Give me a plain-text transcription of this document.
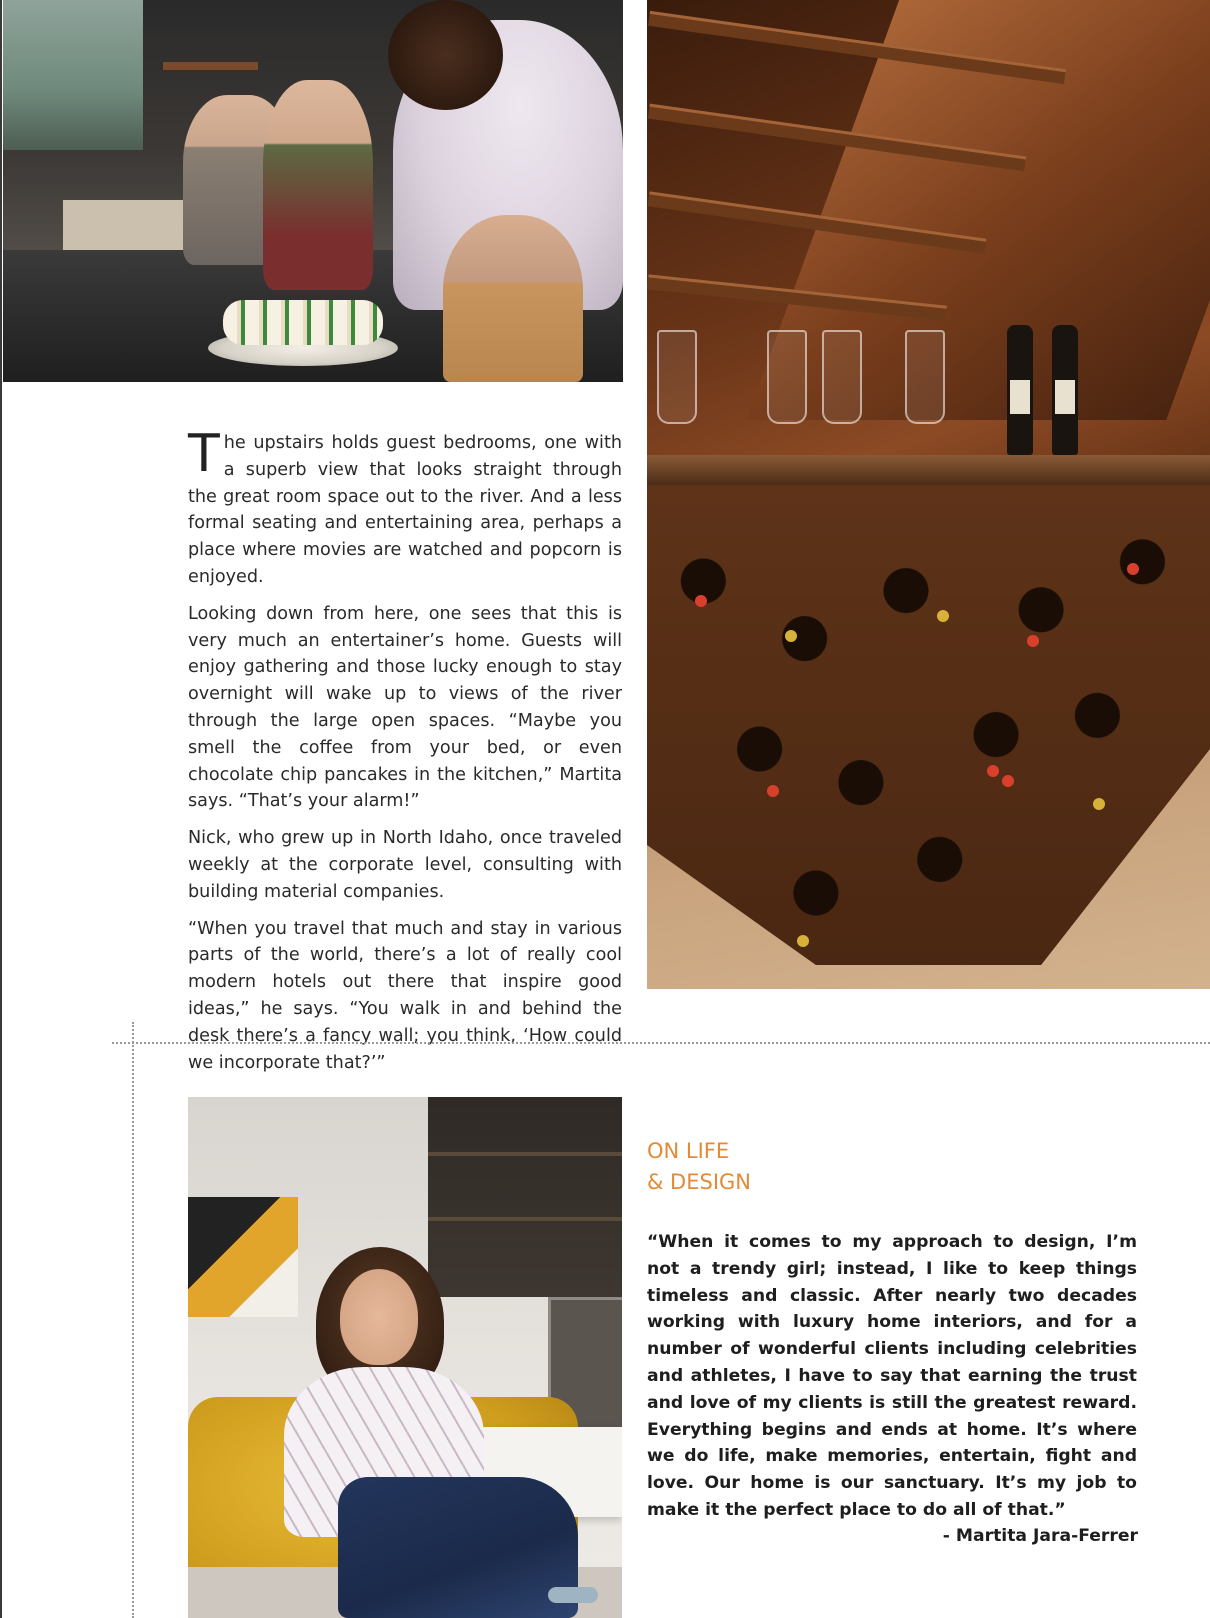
The upstairs holds guest bedrooms, one with a superb view that looks straight through the great room space out to the river. And a less formal seating and entertaining area, perhaps a place where movies are watched and popcorn is enjoyed.

Looking down from here, one sees that this is very much an entertainer’s home. Guests will enjoy gathering and those lucky enough to stay overnight will wake up to views of the river through the large open spaces. “Maybe you smell the coffee from your bed, or even chocolate chip pancakes in the kitchen,” Martita says. “That’s your alarm!”

Nick, who grew up in North Idaho, once traveled weekly at the corporate level, consulting with building material companies.

“When you travel that much and stay in various parts of the world, there’s a lot of really cool modern hotels out there that inspire good ideas,” he says. “You walk in and behind the desk there’s a fancy wall; you think, ‘How could we incorporate that?’”

ON LIFE
& DESIGN

“When it comes to my approach to design, I’m not a trendy girl; instead, I like to keep things timeless and classic. After nearly two decades working with luxury home interiors, and for a number of wonderful clients including celebrities and athletes, I have to say that earning the trust and love of my clients is still the greatest reward. Everything begins and ends at home. It’s where we do life, make memories, entertain, fight and love. Our home is our sanctuary. It’s my job to make it the perfect place to do all of that.”

- Martita Jara-Ferrer
